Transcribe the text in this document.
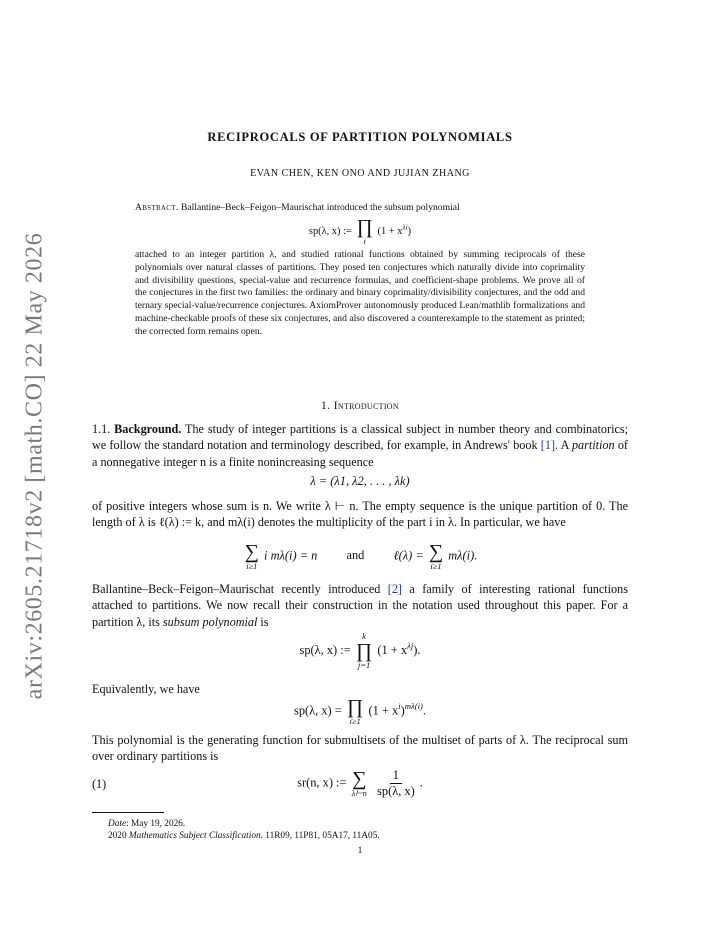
arXiv:2605.21718v2 [math.CO] 22 May 2026
RECIPROCALS OF PARTITION POLYNOMIALS
EVAN CHEN, KEN ONO AND JUJIAN ZHANG
Abstract. Ballantine–Beck–Feigon–Maurischat introduced the subsum polynomial
sp(λ, x) := ∏
i
$(1 + x^{\lambda i})$
attached to an integer partition λ, and studied rational functions obtained by summing reciprocals of these polynomials over natural classes of partitions. They posed ten conjectures which naturally divide into coprimality and divisibility questions, special-value and recurrence formulas, and coefficient-shape problems. We prove all of the conjectures in the first two families: the ordinary and binary coprimality/divisibility conjectures, and the odd and ternary special-value/recurrence conjectures. AxiomProver autonomously produced Lean/mathlib formalizations and machine-checkable proofs of these six conjectures, and also discovered a counterexample to the statement as printed; the corrected form remains open.
1. Introduction
1.1. Background. The study of integer partitions is a classical subject in number theory and combinatorics; we follow the standard notation and terminology described, for example, in Andrews' book [1]. A partition of a nonnegative integer n is a finite nonincreasing sequence
λ = (λ1, λ2, . . . , λk)
of positive integers whose sum is n. We write λ ⊢ n. The empty sequence is the unique partition of 0. The length of λ is ℓ(λ) := k, and mλ(i) denotes the multiplicity of the part i in λ. In particular, we have
∑
i≥1
i mλ(i) = n and ℓ(λ) = ∑
i≥1
mλ(i).
Ballantine–Beck–Feigon–Maurischat recently introduced [2] a family of interesting rational functions attached to partitions. We now recall their construction in the notation used throughout this paper. For a partition λ, its subsum polynomial is
sp(λ, x) :=
k
∏
j=1
$(1 + x^{\lambda j})$.
Equivalently, we have
sp(λ, x) = ∏
i≥1
$(1 + x^i)^{m\lambda(i)}$.
This polynomial is the generating function for submultisets of the multiset of parts of λ. The reciprocal sum over ordinary partitions is
(1)	sr(n, x) := ∑
λ⊢n
$\frac{1}{sp(\lambda, x)}$ .
Date: May 19, 2026.
2020 Mathematics Subject Classification. 11R09, 11P81, 05A17, 11A05.
1
